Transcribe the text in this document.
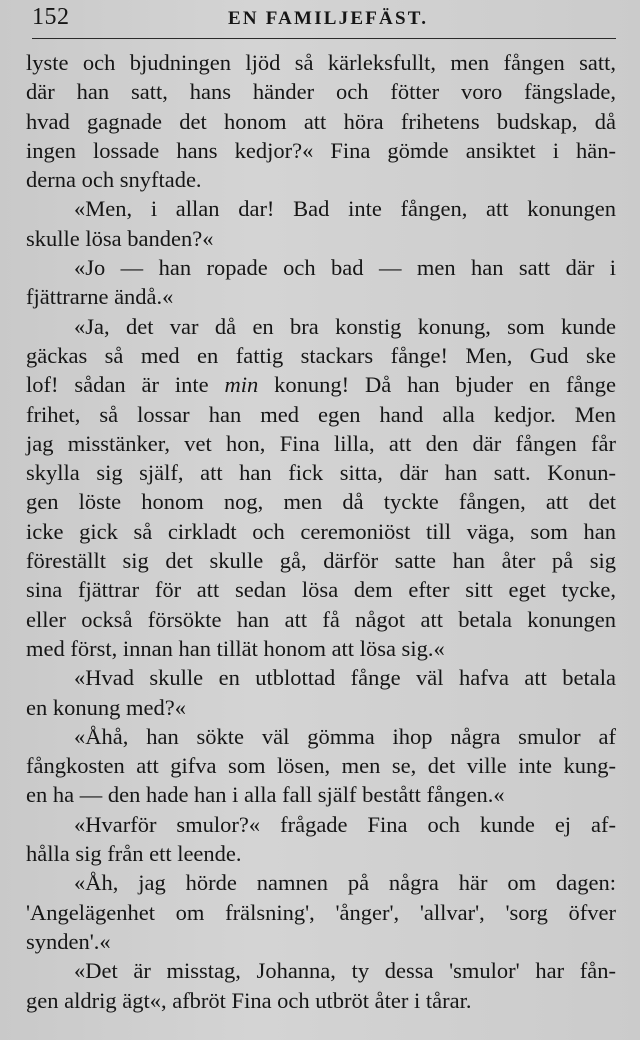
152	EN FAMILJEFÄST.
lyste och bjudningen ljöd så kärleksfullt, men fången satt,
där han satt, hans händer och fötter voro fängslade,
hvad gagnade det honom att höra frihetens budskap, då
ingen lossade hans kedjor?« Fina gömde ansiktet i hän-
derna och snyftade.
«Men, i allan dar! Bad inte fången, att konungen
skulle lösa banden?«
«Jo — han ropade och bad — men han satt där i
fjättrarne ändå.«
«Ja, det var då en bra konstig konung, som kunde
gäckas så med en fattig stackars fånge! Men, Gud ske
lof! sådan är inte min konung! Då han bjuder en fånge
frihet, så lossar han med egen hand alla kedjor. Men
jag misstänker, vet hon, Fina lilla, att den där fången får
skylla sig själf, att han fick sitta, där han satt. Konun-
gen löste honom nog, men då tyckte fången, att det
icke gick så cirkladt och ceremoniöst till väga, som han
föreställt sig det skulle gå, därför satte han åter på sig
sina fjättrar för att sedan lösa dem efter sitt eget tycke,
eller också försökte han att få något att betala konungen
med först, innan han tillät honom att lösa sig.«
«Hvad skulle en utblottad fånge väl hafva att betala
en konung med?«
«Åhå, han sökte väl gömma ihop några smulor af
fångkosten att gifva som lösen, men se, det ville inte kung-
en ha — den hade han i alla fall själf bestått fången.«
«Hvarför smulor?« frågade Fina och kunde ej af-
hålla sig från ett leende.
«Åh, jag hörde namnen på några här om dagen:
'Angelägenhet om frälsning', 'ånger', 'allvar', 'sorg öfver
synden'.«
«Det är misstag, Johanna, ty dessa 'smulor' har fån-
gen aldrig ägt«, afbröt Fina och utbröt åter i tårar.
